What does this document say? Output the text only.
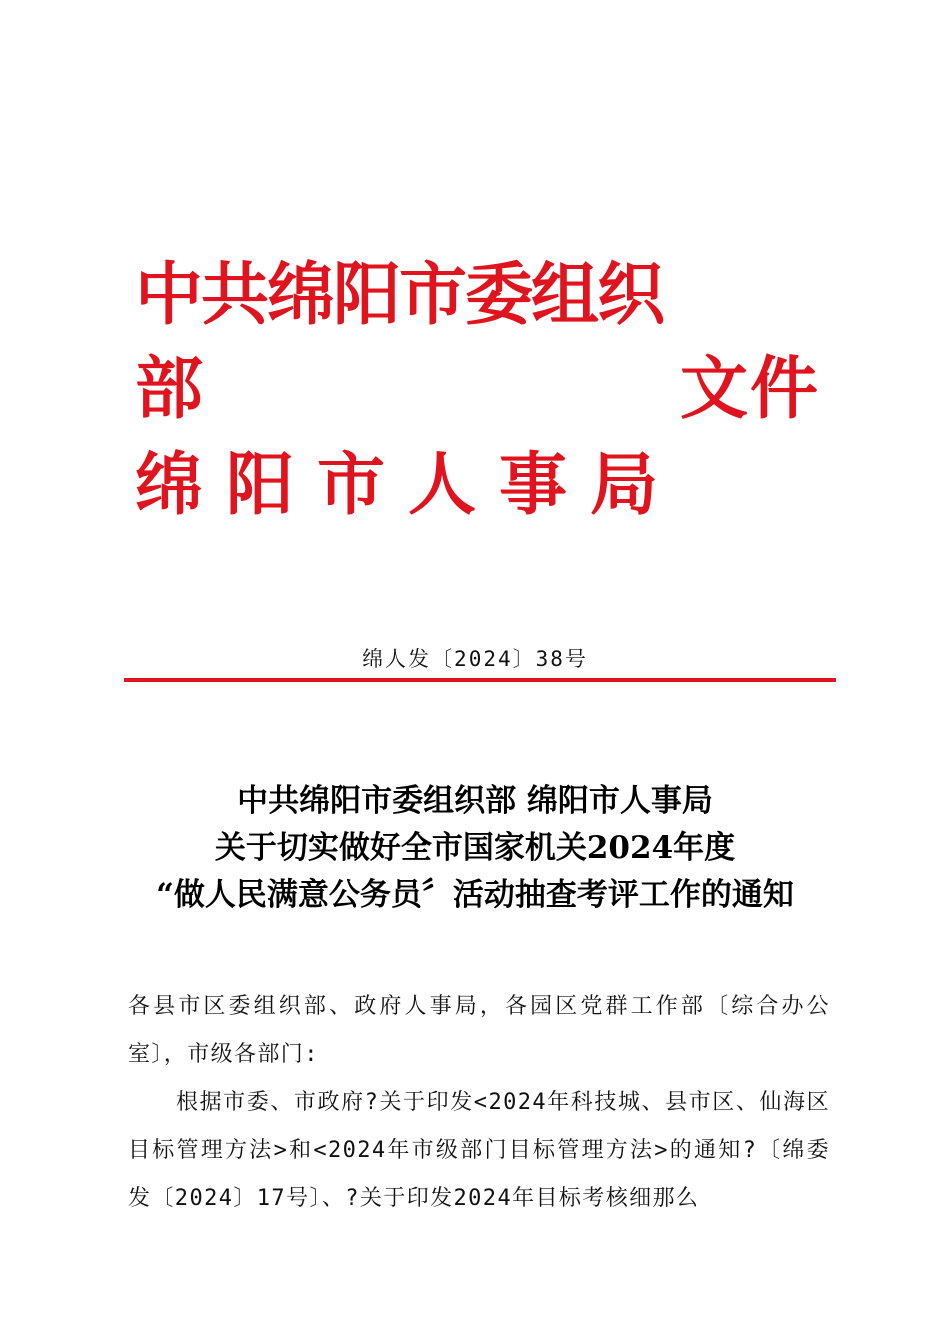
中共绵阳市委组织
部	文件
绵阳市人事局
绵人发〔2024〕38号
中共绵阳市委组织部 绵阳市人事局
关于切实做好全市国家机关2024年度
“做人民满意公务员〞活动抽查考评工作的通知

各县市区委组织部、政府人事局，各园区党群工作部〔综合办公室〕，市级各部门:

根据市委、市政府?关于印发<2024年科技城、县市区、仙海区目标管理方法>和<2024年市级部门目标管理方法>的通知?〔绵委发〔2024〕17号〕、?关于印发2024年目标考核细那么
